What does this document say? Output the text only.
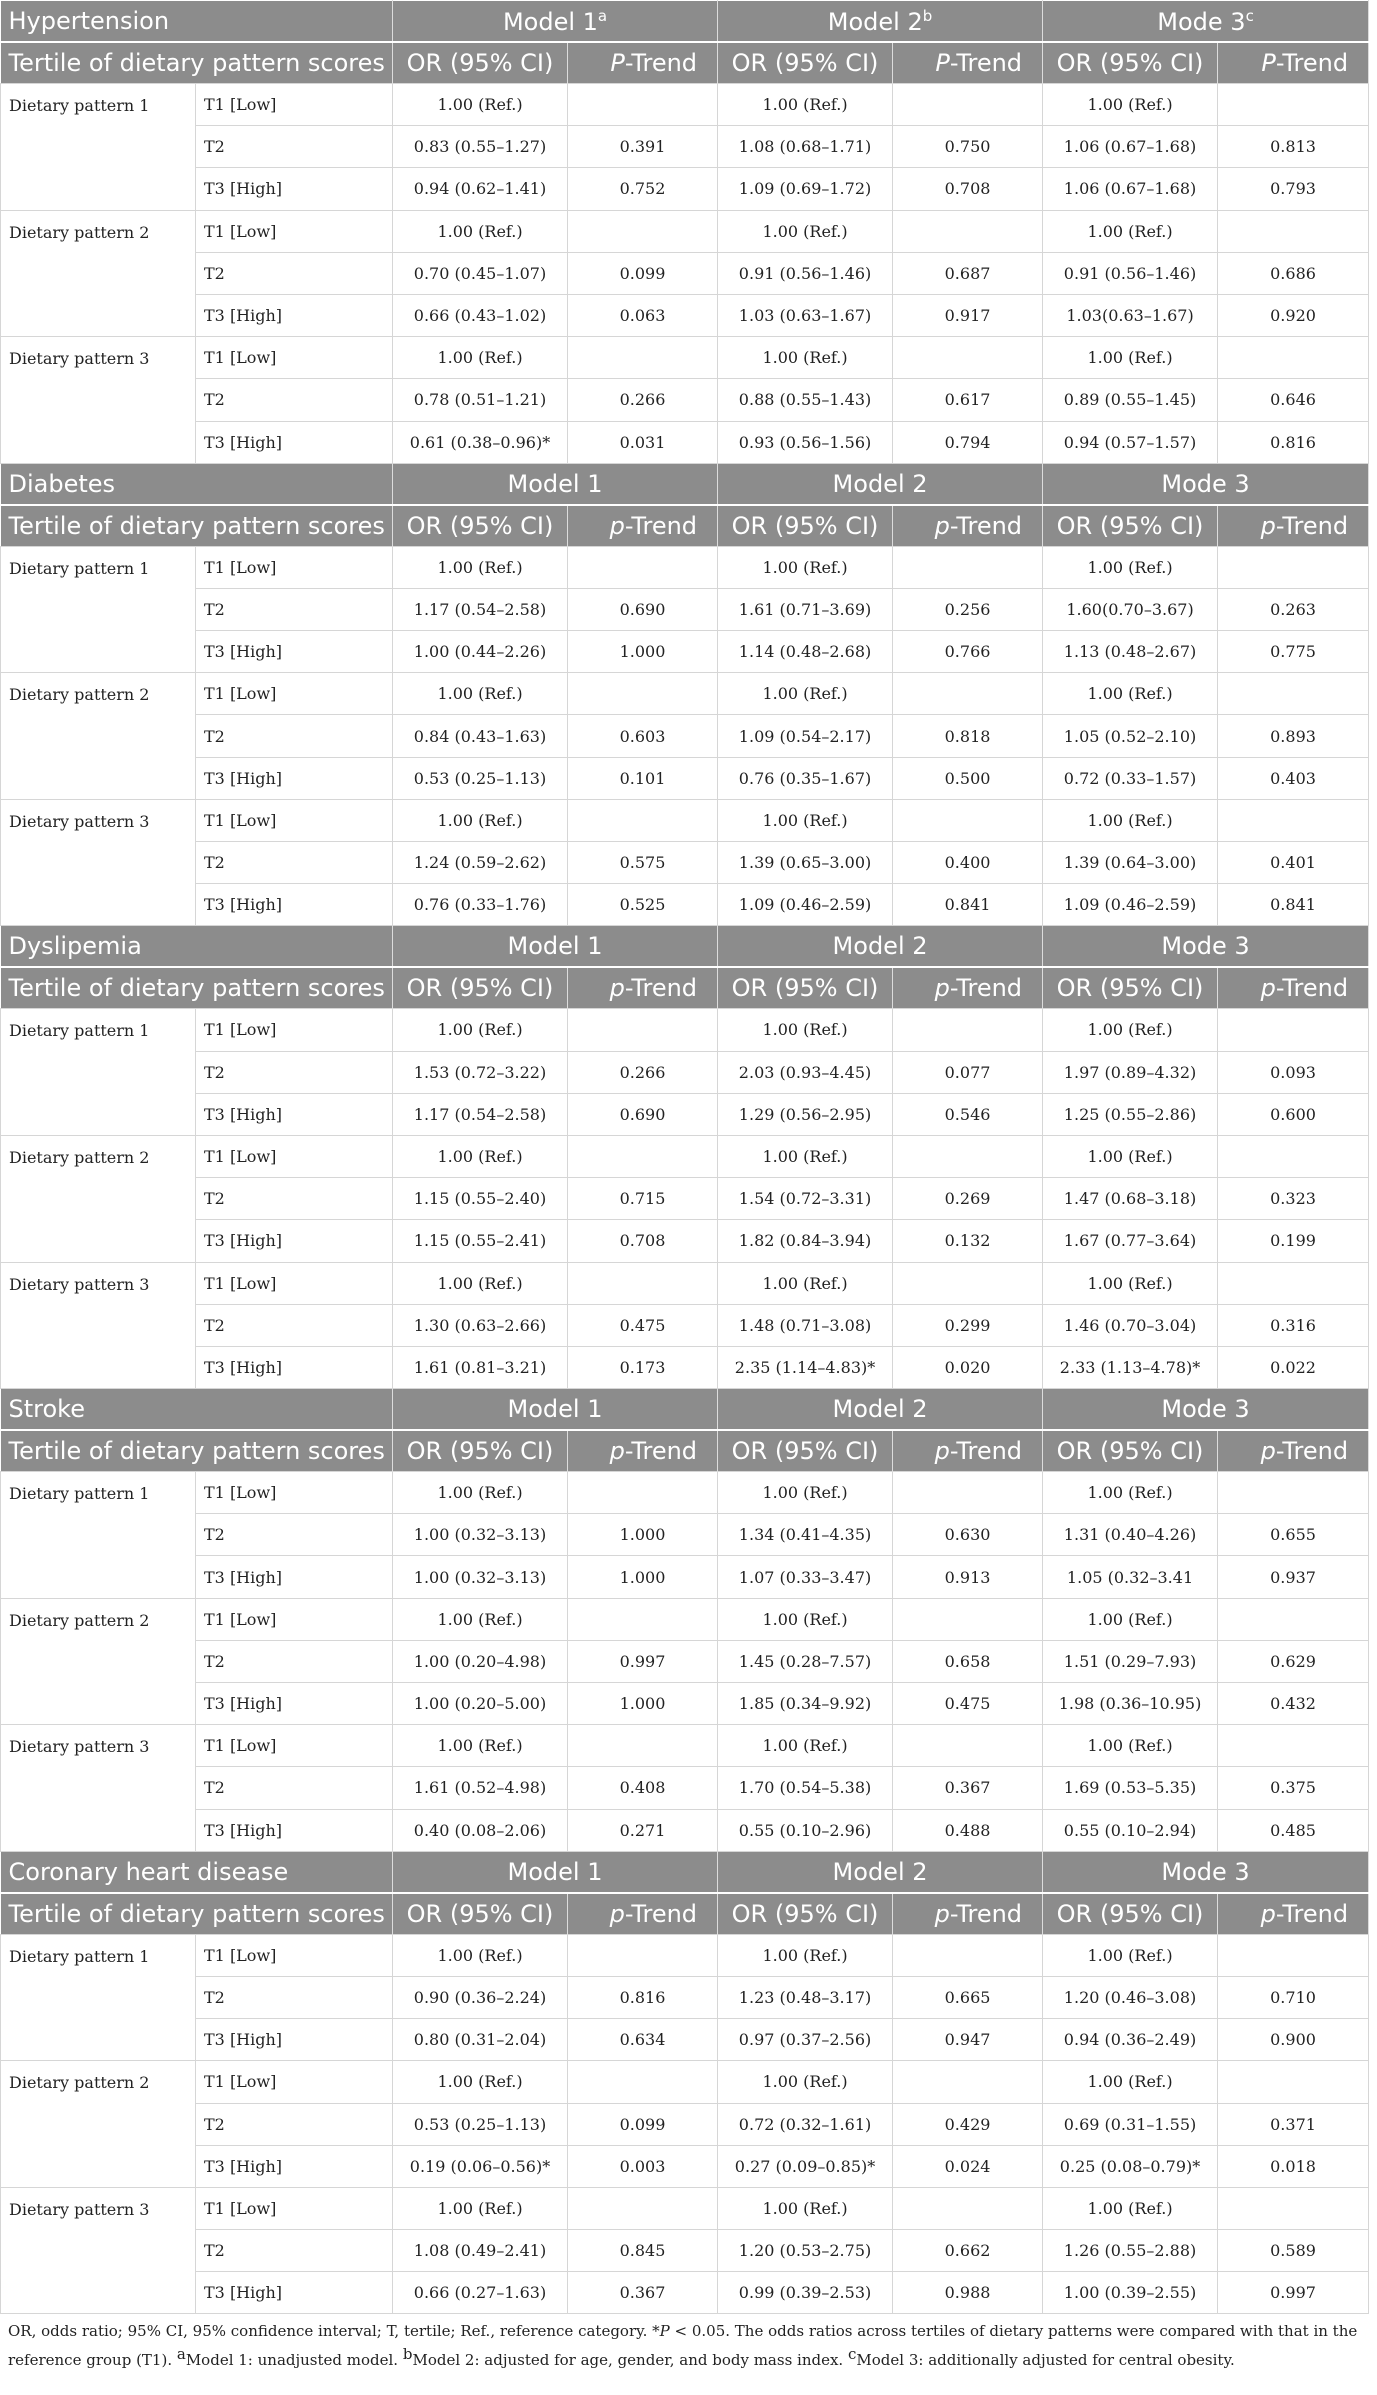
Hypertension		Model 1$^a$		Model 2$^b$		Mode 3$^c$
Tertile of dietary pattern scores		OR (95% CI)	P-Trend	OR (95% CI)	P-Trend	OR (95% CI)	P-Trend
Dietary pattern 1	T1 [Low]	1.00 (Ref.)		1.00 (Ref.)		1.00 (Ref.)	
	T2	0.83 (0.55–1.27)	0.391	1.08 (0.68–1.71)	0.750	1.06 (0.67–1.68)	0.813
	T3 [High]	0.94 (0.62–1.41)	0.752	1.09 (0.69–1.72)	0.708	1.06 (0.67–1.68)	0.793
Dietary pattern 2	T1 [Low]	1.00 (Ref.)		1.00 (Ref.)		1.00 (Ref.)	
	T2	0.70 (0.45–1.07)	0.099	0.91 (0.56–1.46)	0.687	0.91 (0.56–1.46)	0.686
	T3 [High]	0.66 (0.43–1.02)	0.063	1.03 (0.63–1.67)	0.917	1.03(0.63–1.67)	0.920
Dietary pattern 3	T1 [Low]	1.00 (Ref.)		1.00 (Ref.)		1.00 (Ref.)	
	T2	0.78 (0.51–1.21)	0.266	0.88 (0.55–1.43)	0.617	0.89 (0.55–1.45)	0.646
	T3 [High]	0.61 (0.38–0.96)*	0.031	0.93 (0.56–1.56)	0.794	0.94 (0.57–1.57)	0.816
Diabetes		Model 1		Model 2		Mode 3	
Tertile of dietary pattern scores		OR (95% CI)	p-Trend	OR (95% CI)	p-Trend	OR (95% CI)	p-Trend
Dietary pattern 1	T1 [Low]	1.00 (Ref.)		1.00 (Ref.)		1.00 (Ref.)	
	T2	1.17 (0.54–2.58)	0.690	1.61 (0.71–3.69)	0.256	1.60(0.70–3.67)	0.263
	T3 [High]	1.00 (0.44–2.26)	1.000	1.14 (0.48–2.68)	0.766	1.13 (0.48–2.67)	0.775
Dietary pattern 2	T1 [Low]	1.00 (Ref.)		1.00 (Ref.)		1.00 (Ref.)	
	T2	0.84 (0.43–1.63)	0.603	1.09 (0.54–2.17)	0.818	1.05 (0.52–2.10)	0.893
	T3 [High]	0.53 (0.25–1.13)	0.101	0.76 (0.35–1.67)	0.500	0.72 (0.33–1.57)	0.403
Dietary pattern 3	T1 [Low]	1.00 (Ref.)		1.00 (Ref.)		1.00 (Ref.)	
	T2	1.24 (0.59–2.62)	0.575	1.39 (0.65–3.00)	0.400	1.39 (0.64–3.00)	0.401
	T3 [High]	0.76 (0.33–1.76)	0.525	1.09 (0.46–2.59)	0.841	1.09 (0.46–2.59)	0.841
Dyslipemia		Model 1		Model 2		Mode 3	
Tertile of dietary pattern scores		OR (95% CI)	p-Trend	OR (95% CI)	p-Trend	OR (95% CI)	p-Trend
Dietary pattern 1	T1 [Low]	1.00 (Ref.)		1.00 (Ref.)		1.00 (Ref.)	
	T2	1.53 (0.72–3.22)	0.266	2.03 (0.93–4.45)	0.077	1.97 (0.89–4.32)	0.093
	T3 [High]	1.17 (0.54–2.58)	0.690	1.29 (0.56–2.95)	0.546	1.25 (0.55–2.86)	0.600
Dietary pattern 2	T1 [Low]	1.00 (Ref.)		1.00 (Ref.)		1.00 (Ref.)	
	T2	1.15 (0.55–2.40)	0.715	1.54 (0.72–3.31)	0.269	1.47 (0.68–3.18)	0.323
	T3 [High]	1.15 (0.55–2.41)	0.708	1.82 (0.84–3.94)	0.132	1.67 (0.77–3.64)	0.199
Dietary pattern 3	T1 [Low]	1.00 (Ref.)		1.00 (Ref.)		1.00 (Ref.)	
	T2	1.30 (0.63–2.66)	0.475	1.48 (0.71–3.08)	0.299	1.46 (0.70–3.04)	0.316
	T3 [High]	1.61 (0.81–3.21)	0.173	2.35 (1.14–4.83)*	0.020	2.33 (1.13–4.78)*	0.022
Stroke		Model 1		Model 2		Mode 3	
Tertile of dietary pattern scores		OR (95% CI)	p-Trend	OR (95% CI)	p-Trend	OR (95% CI)	p-Trend
Dietary pattern 1	T1 [Low]	1.00 (Ref.)		1.00 (Ref.)		1.00 (Ref.)	
	T2	1.00 (0.32–3.13)	1.000	1.34 (0.41–4.35)	0.630	1.31 (0.40–4.26)	0.655
	T3 [High]	1.00 (0.32–3.13)	1.000	1.07 (0.33–3.47)	0.913	1.05 (0.32–3.41	0.937
Dietary pattern 2	T1 [Low]	1.00 (Ref.)		1.00 (Ref.)		1.00 (Ref.)	
	T2	1.00 (0.20–4.98)	0.997	1.45 (0.28–7.57)	0.658	1.51 (0.29–7.93)	0.629
	T3 [High]	1.00 (0.20–5.00)	1.000	1.85 (0.34–9.92)	0.475	1.98 (0.36–10.95)	0.432
Dietary pattern 3	T1 [Low]	1.00 (Ref.)		1.00 (Ref.)		1.00 (Ref.)	
	T2	1.61 (0.52–4.98)	0.408	1.70 (0.54–5.38)	0.367	1.69 (0.53–5.35)	0.375
	T3 [High]	0.40 (0.08–2.06)	0.271	0.55 (0.10–2.96)	0.488	0.55 (0.10–2.94)	0.485
Coronary heart disease		Model 1		Model 2		Mode 3	
Tertile of dietary pattern scores		OR (95% CI)	p-Trend	OR (95% CI)	p-Trend	OR (95% CI)	p-Trend
Dietary pattern 1	T1 [Low]	1.00 (Ref.)		1.00 (Ref.)		1.00 (Ref.)	
	T2	0.90 (0.36–2.24)	0.816	1.23 (0.48–3.17)	0.665	1.20 (0.46–3.08)	0.710
	T3 [High]	0.80 (0.31–2.04)	0.634	0.97 (0.37–2.56)	0.947	0.94 (0.36–2.49)	0.900
Dietary pattern 2	T1 [Low]	1.00 (Ref.)		1.00 (Ref.)		1.00 (Ref.)	
	T2	0.53 (0.25–1.13)	0.099	0.72 (0.32–1.61)	0.429	0.69 (0.31–1.55)	0.371
	T3 [High]	0.19 (0.06–0.56)*	0.003	0.27 (0.09–0.85)*	0.024	0.25 (0.08–0.79)*	0.018
Dietary pattern 3	T1 [Low]	1.00 (Ref.)		1.00 (Ref.)		1.00 (Ref.)	
	T2	1.08 (0.49–2.41)	0.845	1.20 (0.53–2.75)	0.662	1.26 (0.55–2.88)	0.589
	T3 [High]	0.66 (0.27–1.63)	0.367	0.99 (0.39–2.53)	0.988	1.00 (0.39–2.55)	0.997
OR, odds ratio; 95% CI, 95% confidence interval; T, tertile; Ref., reference category. *P < 0.05. The odds ratios across tertiles of dietary patterns were compared with that in the reference group (T1). $^a$Model 1: unadjusted model. $^b$Model 2: adjusted for age, gender, and body mass index. $^c$Model 3: additionally adjusted for central obesity.
